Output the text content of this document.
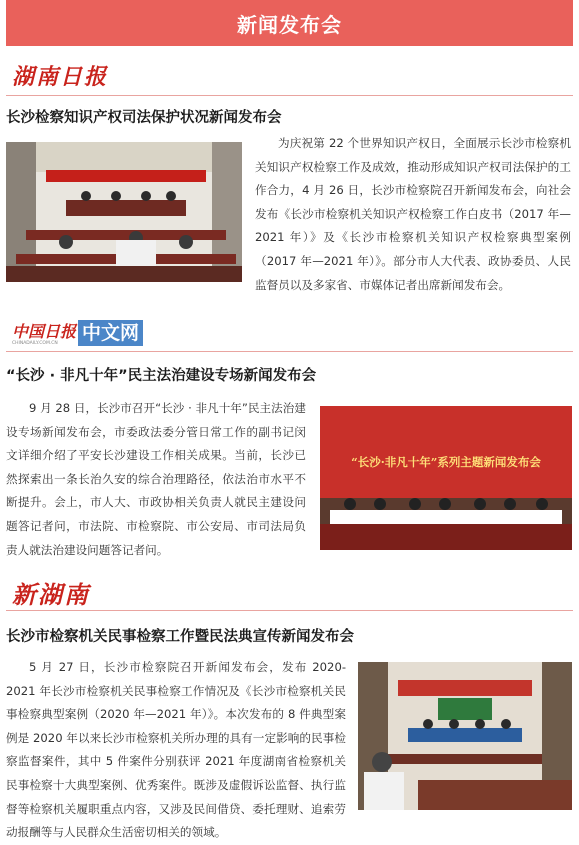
新闻发布会
湖南日报
长沙检察知识产权司法保护状况新闻发布会

为庆祝第 22 个世界知识产权日，全面展示长沙市检察机关知识产权检察工作及成效，推动形成知识产权司法保护的工作合力，4 月 26 日，长沙市检察院召开新闻发布会，向社会发布《长沙市检察机关知识产权检察工作白皮书（2017 年—2021 年）》及《长沙市检察机关知识产权检察典型案例（2017 年—2021 年）》。部分市人大代表、政协委员、人民监督员以及多家省、市媒体记者出席新闻发布会。

中国日报
CHINADAILY.COM.CN	中文网
“长沙 · 非凡十年”民主法治建设专场新闻发布会

9 月 28 日，长沙市召开“长沙 · 非凡十年”民主法治建设专场新闻发布会，市委政法委分管日常工作的副书记闵文详细介绍了平安长沙建设工作相关成果。当前，长沙已然探索出一条长治久安的综合治理路径，依法治市水平不断提升。会上，市人大、市政协相关负责人就民主建设问题答记者问，市法院、市检察院、市公安局、市司法局负责人就法治建设问题答记者问。

“长沙·非凡十年”系列主题新闻发布会
新湖南
长沙市检察机关民事检察工作暨民法典宣传新闻发布会

5 月 27 日，长沙市检察院召开新闻发布会，发布 2020-2021 年长沙市检察机关民事检察工作情况及《长沙市检察机关民事检察典型案例（2020 年—2021 年）》。本次发布的 8 件典型案例是 2020 年以来长沙市检察机关所办理的具有一定影响的民事检察监督案件，其中 5 件案件分别获评 2021 年度湖南省检察机关民事检察十大典型案例、优秀案件。既涉及虚假诉讼监督、执行监督等检察机关履职重点内容，又涉及民间借贷、委托理财、追索劳动报酬等与人民群众生活密切相关的领域。
